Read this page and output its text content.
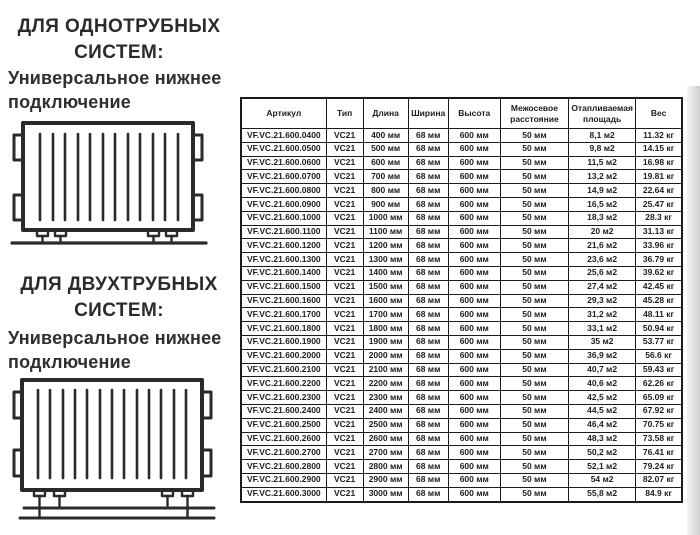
ДЛЯ ОДНОТРУБНЫХ СИСТЕМ:
Универсальное нижнее подключение
ДЛЯ ДВУХТРУБНЫХ СИСТЕМ:
Универсальное нижнее подключение
Артикул	Тип	Длина	Ширина	Высота	Межосевое расстояние	Отапливаемая площадь	Вес
VF.VC.21.600.0400	VC21	400 мм	68 мм	600 мм	50 мм	8,1 м2	11.32 кг
VF.VC.21.600.0500	VC21	500 мм	68 мм	600 мм	50 мм	9,8 м2	14.15 кг
VF.VC.21.600.0600	VC21	600 мм	68 мм	600 мм	50 мм	11,5 м2	16.98 кг
VF.VC.21.600.0700	VC21	700 мм	68 мм	600 мм	50 мм	13,2 м2	19.81 кг
VF.VC.21.600.0800	VC21	800 мм	68 мм	600 мм	50 мм	14,9 м2	22.64 кг
VF.VC.21.600.0900	VC21	900 мм	68 мм	600 мм	50 мм	16,5 м2	25.47 кг
VF.VC.21.600.1000	VC21	1000 мм	68 мм	600 мм	50 мм	18,3 м2	28.3 кг
VF.VC.21.600.1100	VC21	1100 мм	68 мм	600 мм	50 мм	20 м2	31.13 кг
VF.VC.21.600.1200	VC21	1200 мм	68 мм	600 мм	50 мм	21,6 м2	33.96 кг
VF.VC.21.600.1300	VC21	1300 мм	68 мм	600 мм	50 мм	23,6 м2	36.79 кг
VF.VC.21.600.1400	VC21	1400 мм	68 мм	600 мм	50 мм	25,6 м2	39.62 кг
VF.VC.21.600.1500	VC21	1500 мм	68 мм	600 мм	50 мм	27,4 м2	42.45 кг
VF.VC.21.600.1600	VC21	1600 мм	68 мм	600 мм	50 мм	29,3 м2	45.28 кг
VF.VC.21.600.1700	VC21	1700 мм	68 мм	600 мм	50 мм	31,2 м2	48.11 кг
VF.VC.21.600.1800	VC21	1800 мм	68 мм	600 мм	50 мм	33,1 м2	50.94 кг
VF.VC.21.600.1900	VC21	1900 мм	68 мм	600 мм	50 мм	35 м2	53.77 кг
VF.VC.21.600.2000	VC21	2000 мм	68 мм	600 мм	50 мм	36,9 м2	56.6 кг
VF.VC.21.600.2100	VC21	2100 мм	68 мм	600 мм	50 мм	40,7 м2	59.43 кг
VF.VC.21.600.2200	VC21	2200 мм	68 мм	600 мм	50 мм	40,6 м2	62.26 кг
VF.VC.21.600.2300	VC21	2300 мм	68 мм	600 мм	50 мм	42,5 м2	65.09 кг
VF.VC.21.600.2400	VC21	2400 мм	68 мм	600 мм	50 мм	44,5 м2	67.92 кг
VF.VC.21.600.2500	VC21	2500 мм	68 мм	600 мм	50 мм	46,4 м2	70.75 кг
VF.VC.21.600.2600	VC21	2600 мм	68 мм	600 мм	50 мм	48,3 м2	73.58 кг
VF.VC.21.600.2700	VC21	2700 мм	68 мм	600 мм	50 мм	50,2 м2	76.41 кг
VF.VC.21.600.2800	VC21	2800 мм	68 мм	600 мм	50 мм	52,1 м2	79.24 кг
VF.VC.21.600.2900	VC21	2900 мм	68 мм	600 мм	50 мм	54 м2	82.07 кг
VF.VC.21.600.3000	VC21	3000 мм	68 мм	600 мм	50 мм	55,8 м2	84.9 кг
